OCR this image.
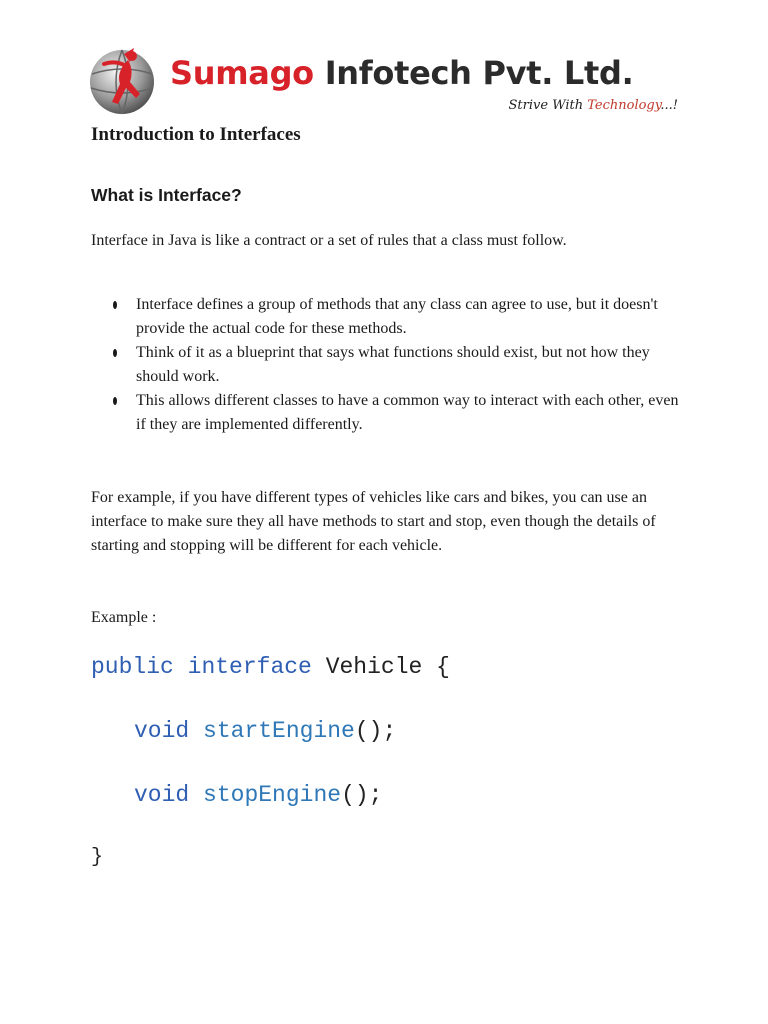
Sumago Infotech Pvt. Ltd.
Strive With Technology...!
Introduction to Interfaces
What is Interface?

Interface in Java is like a contract or a set of rules that a class must follow.

Interface defines a group of methods that any class can agree to use, but it doesn't provide the actual code for these methods.
Think of it as a blueprint that says what functions should exist, but not how they should work.
This allows different classes to have a common way to interact with each other, even if they are implemented differently.

For example, if you have different types of vehicles like cars and bikes, you can use an interface to make sure they all have methods to start and stop, even though the details of starting and stopping will be different for each vehicle.

Example :

public interface Vehicle {
void startEngine();
void stopEngine();
}
